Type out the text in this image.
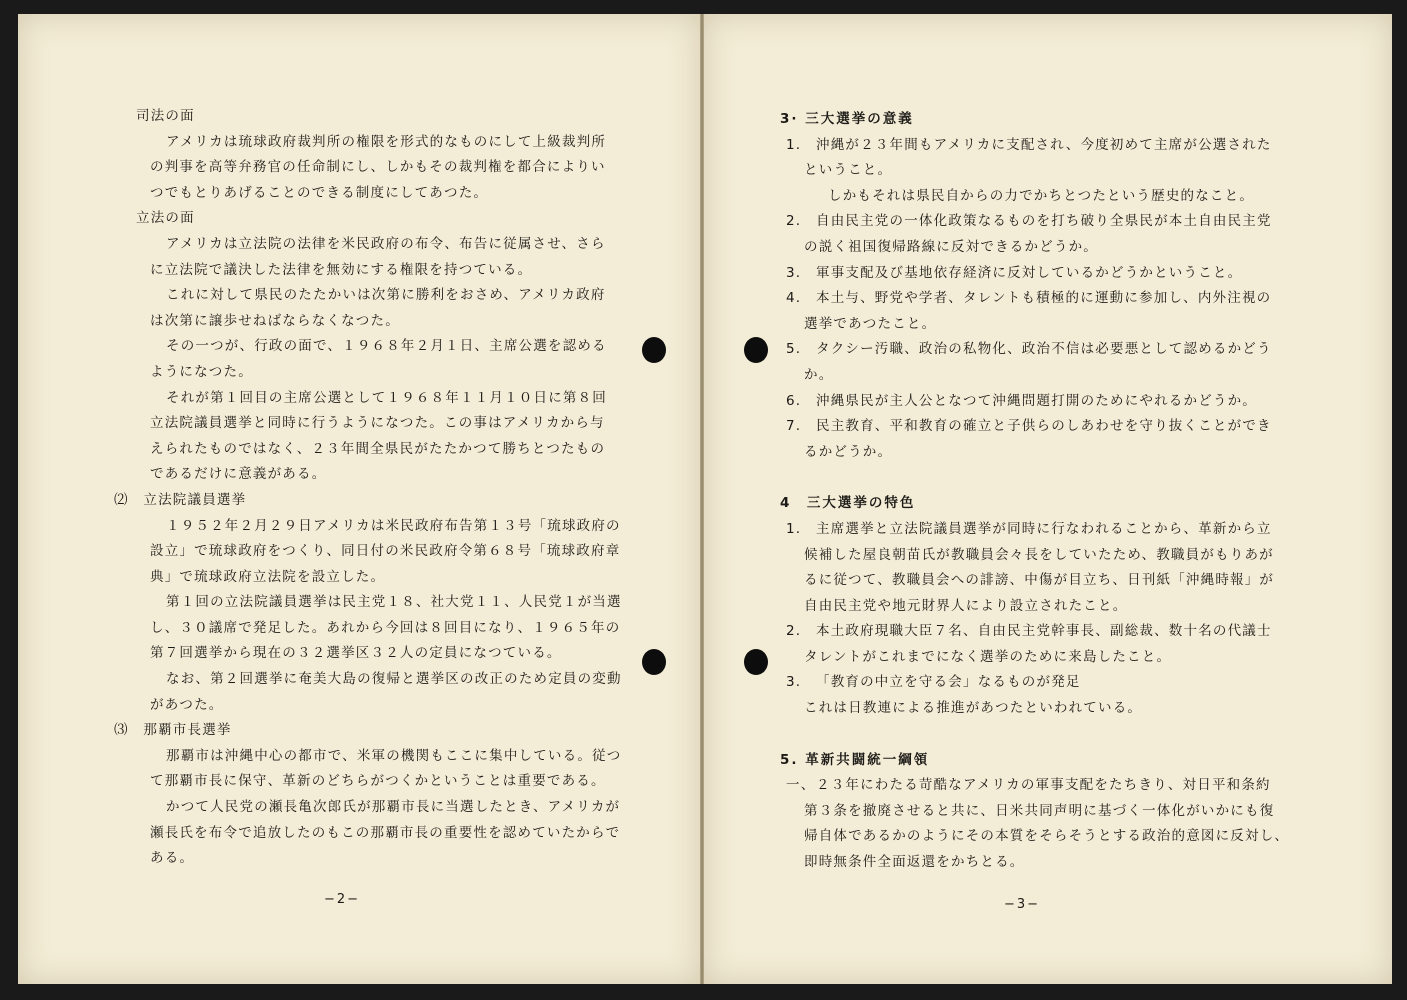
司法の面
アメリカは琉球政府裁判所の権限を形式的なものにして上級裁判所
の判事を高等弁務官の任命制にし、しかもその裁判権を都合によりい
つでもとりあげることのできる制度にしてあつた。
立法の面
アメリカは立法院の法律を米民政府の布令、布告に従属させ、さら
に立法院で議決した法律を無効にする権限を持つている。
これに対して県民のたたかいは次第に勝利をおさめ、アメリカ政府
は次第に譲歩せねばならなくなつた。
その一つが、行政の面で、１９６８年２月１日、主席公選を認める
ようになつた。
それが第１回目の主席公選として１９６８年１１月１０日に第８回
立法院議員選挙と同時に行うようになつた。この事はアメリカから与
えられたものではなく、２３年間全県民がたたかつて勝ちとつたもの
であるだけに意義がある。
⑵　立法院議員選挙
１９５２年２月２９日アメリカは米民政府布告第１３号「琉球政府の
設立」で琉球政府をつくり、同日付の米民政府令第６８号「琉球政府章
典」で琉球政府立法院を設立した。
第１回の立法院議員選挙は民主党１８、社大党１１、人民党１が当選
し、３０議席で発足した。あれから今回は８回目になり、１９６５年の
第７回選挙から現在の３２選挙区３２人の定員になつている。
なお、第２回選挙に奄美大島の復帰と選挙区の改正のため定員の変動
があつた。
⑶　那覇市長選挙
那覇市は沖縄中心の都市で、米軍の機関もここに集中している。従つ
て那覇市長に保守、革新のどちらがつくかということは重要である。
かつて人民党の瀬長亀次郎氏が那覇市長に当選したとき、アメリカが
瀬長氏を布令で追放したのもこの那覇市長の重要性を認めていたからで
ある。
−2−
3· 三大選挙の意義
1. 沖縄が２３年間もアメリカに支配され、今度初めて主席が公選された
ということ。
しかもそれは県民自からの力でかちとつたという歴史的なこと。
2. 自由民主党の一体化政策なるものを打ち破り全県民が本土自由民主党
の説く祖国復帰路線に反対できるかどうか。
3. 軍事支配及び基地依存経済に反対しているかどうかということ。
4. 本土与、野党や学者、タレントも積極的に運動に参加し、内外注視の
選挙であつたこと。
5. タクシー汚職、政治の私物化、政治不信は必要悪として認めるかどう
か。
6. 沖縄県民が主人公となつて沖縄問題打開のためにやれるかどうか。
7. 民主教育、平和教育の確立と子供らのしあわせを守り抜くことができ
るかどうか。
4　三大選挙の特色
1. 主席選挙と立法院議員選挙が同時に行なわれることから、革新から立
候補した屋良朝苗氏が教職員会々長をしていたため、教職員がもりあが
るに従つて、教職員会への誹謗、中傷が目立ち、日刊紙「沖縄時報」が
自由民主党や地元財界人により設立されたこと。
2. 本土政府現職大臣７名、自由民主党幹事長、副総裁、数十名の代議士
タレントがこれまでになく選挙のために来島したこと。
3. 「教育の中立を守る会」なるものが発足
これは日教連による推進があつたといわれている。
5. 革新共闘統一綱領
一、２３年にわたる苛酷なアメリカの軍事支配をたちきり、対日平和条約
第３条を撤廃させると共に、日米共同声明に基づく一体化がいかにも復
帰自体であるかのようにその本質をそらそうとする政治的意図に反対し、
即時無条件全面返還をかちとる。
−3−
